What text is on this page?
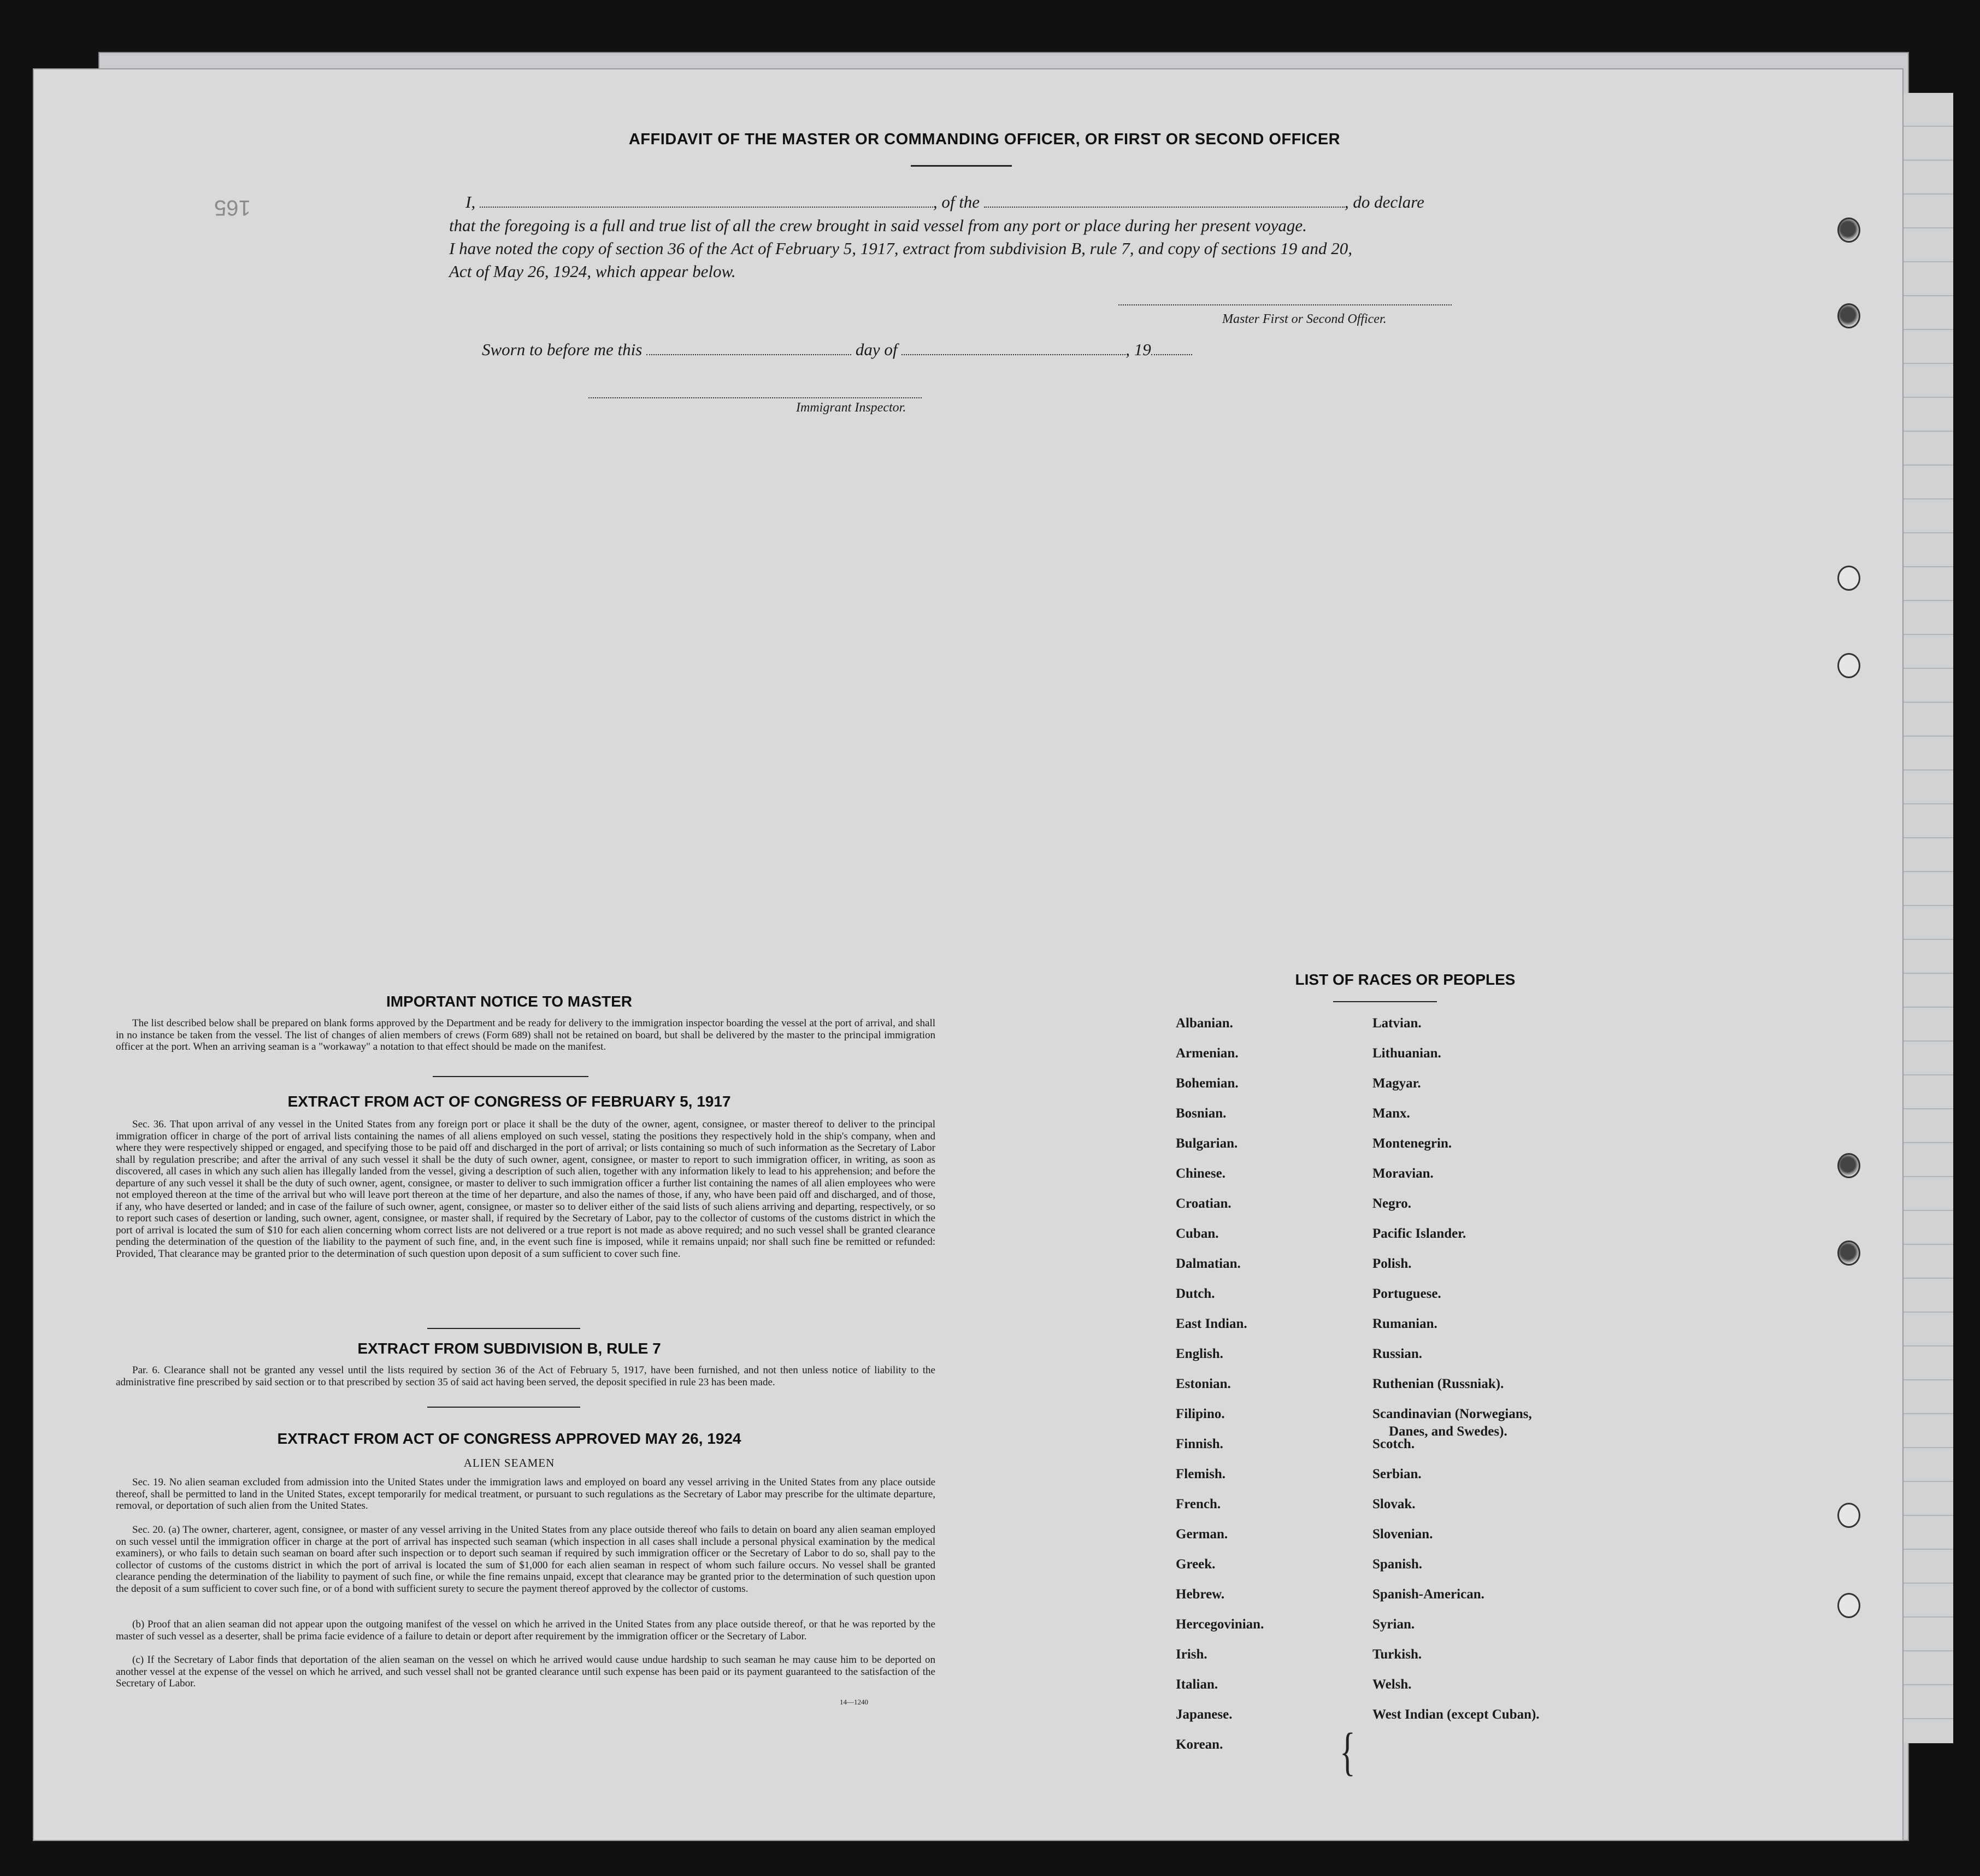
AFFIDAVIT OF THE MASTER OR COMMANDING OFFICER, OR FIRST OR SECOND OFFICER
165	I,	, of the	, do declare
that the foregoing is a full and true list of all the crew brought in said vessel from any port or place during her present voyage.
I have noted the copy of section 36 of the Act of February 5, 1917, extract from subdivision B, rule 7, and copy of sections 19 and 20,
Act of May 26, 1924, which appear below.
Master First or Second Officer.
Sworn to before me this	day of	, 19
Immigrant Inspector.
IMPORTANT NOTICE TO MASTER
The list described below shall be prepared on blank forms approved by the Department and be ready for delivery to the immigration inspector boarding the vessel at the port of arrival, and shall in no instance be taken from the vessel. The list of changes of alien members of crews (Form 689) shall not be retained on board, but shall be delivered by the master to the principal immigration officer at the port. When an arriving seaman is a "workaway" a notation to that effect should be made on the manifest.
EXTRACT FROM ACT OF CONGRESS OF FEBRUARY 5, 1917
Sec. 36. That upon arrival of any vessel in the United States from any foreign port or place it shall be the duty of the owner, agent, consignee, or master thereof to deliver to the principal immigration officer in charge of the port of arrival lists containing the names of all aliens employed on such vessel, stating the positions they respectively hold in the ship's company, when and where they were respectively shipped or engaged, and specifying those to be paid off and discharged in the port of arrival; or lists containing so much of such information as the Secretary of Labor shall by regulation prescribe; and after the arrival of any such vessel it shall be the duty of such owner, agent, consignee, or master to report to such immigration officer, in writing, as soon as discovered, all cases in which any such alien has illegally landed from the vessel, giving a description of such alien, together with any information likely to lead to his apprehension; and before the departure of any such vessel it shall be the duty of such owner, agent, consignee, or master to deliver to such immigration officer a further list containing the names of all alien employees who were not employed thereon at the time of the arrival but who will leave port thereon at the time of her departure, and also the names of those, if any, who have been paid off and discharged, and of those, if any, who have deserted or landed; and in case of the failure of such owner, agent, consignee, or master so to deliver either of the said lists of such aliens arriving and departing, respectively, or so to report such cases of desertion or landing, such owner, agent, consignee, or master shall, if required by the Secretary of Labor, pay to the collector of customs of the customs district in which the port of arrival is located the sum of $10 for each alien concerning whom correct lists are not delivered or a true report is not made as above required; and no such vessel shall be granted clearance pending the determination of the question of the liability to the payment of such fine, and, in the event such fine is imposed, while it remains unpaid; nor shall such fine be remitted or refunded: Provided, That clearance may be granted prior to the determination of such question upon deposit of a sum sufficient to cover such fine.
EXTRACT FROM SUBDIVISION B, RULE 7
Par. 6. Clearance shall not be granted any vessel until the lists required by section 36 of the Act of February 5, 1917, have been furnished, and not then unless notice of liability to the administrative fine prescribed by said section or to that prescribed by section 35 of said act having been served, the deposit specified in rule 23 has been made.
EXTRACT FROM ACT OF CONGRESS APPROVED MAY 26, 1924
ALIEN SEAMEN
Sec. 19. No alien seaman excluded from admission into the United States under the immigration laws and employed on board any vessel arriving in the United States from any place outside thereof, shall be permitted to land in the United States, except temporarily for medical treatment, or pursuant to such regulations as the Secretary of Labor may prescribe for the ultimate departure, removal, or deportation of such alien from the United States.
Sec. 20. (a) The owner, charterer, agent, consignee, or master of any vessel arriving in the United States from any place outside thereof who fails to detain on board any alien seaman employed on such vessel until the immigration officer in charge at the port of arrival has inspected such seaman (which inspection in all cases shall include a personal physical examination by the medical examiners), or who fails to detain such seaman on board after such inspection or to deport such seaman if required by such immigration officer or the Secretary of Labor to do so, shall pay to the collector of customs of the customs district in which the port of arrival is located the sum of $1,000 for each alien seaman in respect of whom such failure occurs. No vessel shall be granted clearance pending the determination of the liability to payment of such fine, or while the fine remains unpaid, except that clearance may be granted prior to the determination of such question upon the deposit of a sum sufficient to cover such fine, or of a bond with sufficient surety to secure the payment thereof approved by the collector of customs.
(b) Proof that an alien seaman did not appear upon the outgoing manifest of the vessel on which he arrived in the United States from any place outside thereof, or that he was reported by the master of such vessel as a deserter, shall be prima facie evidence of a failure to detain or deport after requirement by the immigration officer or the Secretary of Labor.
(c) If the Secretary of Labor finds that deportation of the alien seaman on the vessel on which he arrived would cause undue hardship to such seaman he may cause him to be deported on another vessel at the expense of the vessel on which he arrived, and such vessel shall not be granted clearance until such expense has been paid or its payment guaranteed to the satisfaction of the Secretary of Labor.
14—1240
LIST OF RACES OR PEOPLES
{
Albanian.
Armenian.
Bohemian.
Bosnian.
Bulgarian.
Chinese.
Croatian.
Cuban.
Dalmatian.
Dutch.
East Indian.
English.
Estonian.
Filipino.
Finnish.
Flemish.
French.
German.
Greek.
Hebrew.
Hercegovinian.
Irish.
Italian.
Japanese.
Korean.
Latvian.
Lithuanian.
Magyar.
Manx.
Montenegrin.
Moravian.
Negro.
Pacific Islander.
Polish.
Portuguese.
Rumanian.
Russian.
Ruthenian (Russniak).
Scandinavian (Norwegians,
Danes, and Swedes).
Scotch.
Serbian.
Slovak.
Slovenian.
Spanish.
Spanish-American.
Syrian.
Turkish.
Welsh.
West Indian (except Cuban).
